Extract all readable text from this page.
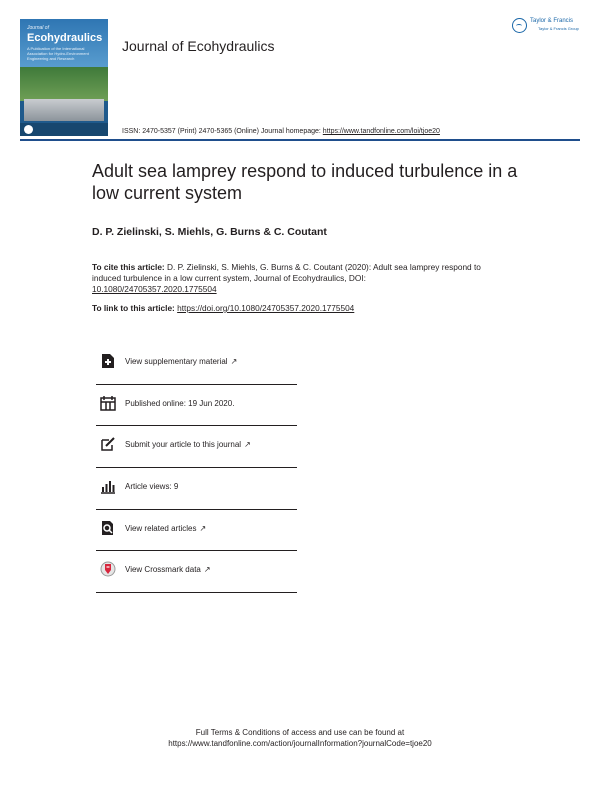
Journal of
Ecohydraulics
A Publication of the International Association for Hydro-Environment Engineering and Research
Journal of Ecohydraulics
Taylor & Francis
Taylor & Francis Group
ISSN: 2470-5357 (Print) 2470-5365 (Online) Journal homepage: https://www.tandfonline.com/loi/tjoe20
Adult sea lamprey respond to induced turbulence in a low current system
D. P. Zielinski, S. Miehls, G. Burns & C. Coutant
To cite this article: D. P. Zielinski, S. Miehls, G. Burns & C. Coutant (2020): Adult sea lamprey respond to induced turbulence in a low current system, Journal of Ecohydraulics, DOI: 10.1080/24705357.2020.1775504
To link to this article: https://doi.org/10.1080/24705357.2020.1775504
View supplementary material ↗
Published online: 19 Jun 2020.
Submit your article to this journal ↗
Article views: 9
View related articles ↗
View Crossmark data ↗
Full Terms & Conditions of access and use can be found at
https://www.tandfonline.com/action/journalInformation?journalCode=tjoe20
